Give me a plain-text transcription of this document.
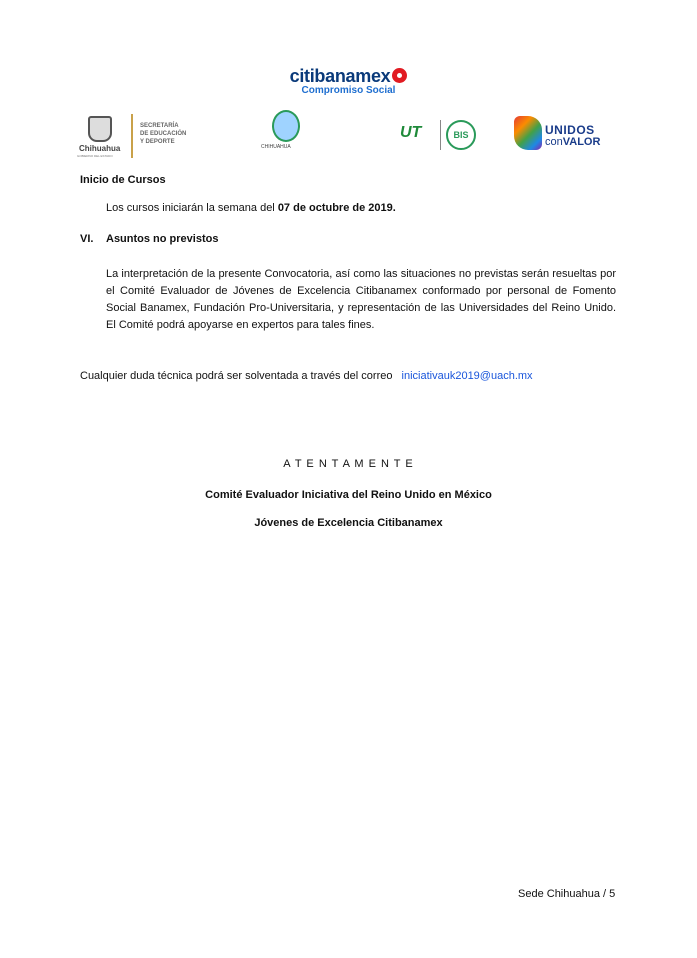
citibanamex
Compromiso Social
Chihuahua
GOBIERNO DEL ESTADO
SECRETARÍA
DE EDUCACIÓN
Y DEPORTE
CHIHUAHUA
UT	BIS	UNIDOS
conVALOR
Inicio de Cursos
Los cursos iniciarán la semana del 07 de octubre de 2019.
VI. Asuntos no previstos
La interpretación de la presente Convocatoria, así como las situaciones no previstas serán resueltas por el Comité Evaluador de Jóvenes de Excelencia Citibanamex conformado por personal de Fomento Social Banamex, Fundación Pro-Universitaria, y representación de las Universidades del Reino Unido. El Comité podrá apoyarse en expertos para tales fines.
Cualquier duda técnica podrá ser solventada a través del correo iniciativauk2019@uach.mx
A T E N T A M E N T E
Comité Evaluador Iniciativa del Reino Unido en México
Jóvenes de Excelencia Citibanamex
Sede Chihuahua / 5
